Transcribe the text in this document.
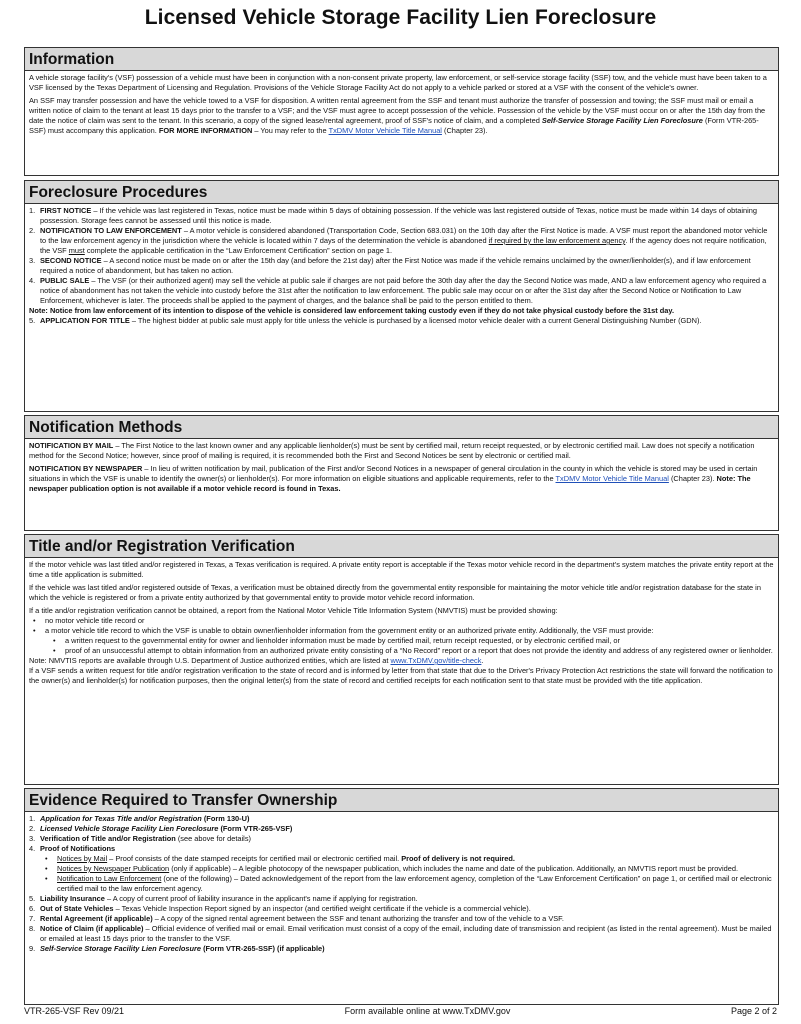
Licensed Vehicle Storage Facility Lien Foreclosure
Information

A vehicle storage facility's (VSF) possession of a vehicle must have been in conjunction with a non-consent private property, law enforcement, or self-service storage facility (SSF) tow, and the vehicle must have been taken to a VSF licensed by the Texas Department of Licensing and Regulation. Provisions of the Vehicle Storage Facility Act do not apply to a vehicle parked or stored at a VSF with the consent of the vehicle's owner.

An SSF may transfer possession and have the vehicle towed to a VSF for disposition. A written rental agreement from the SSF and tenant must authorize the transfer of possession and towing; the SSF must mail or email a written notice of claim to the tenant at least 15 days prior to the transfer to a VSF; and the VSF must agree to accept possession of the vehicle. Possession of the vehicle by the VSF must occur on or after the 15th day from the date the notice of claim was sent to the tenant. In this scenario, a copy of the signed lease/rental agreement, proof of SSF's notice of claim, and a completed Self-Service Storage Facility Lien Foreclosure (Form VTR-265-SSF) must accompany this application. FOR MORE INFORMATION – You may refer to the TxDMV Motor Vehicle Title Manual (Chapter 23).

Foreclosure Procedures
1. FIRST NOTICE – If the vehicle was last registered in Texas, notice must be made within 5 days of obtaining possession. If the vehicle was last registered outside of Texas, notice must be made within 14 days of obtaining possession. Storage fees cannot be assessed until this notice is made.
2. NOTIFICATION TO LAW ENFORCEMENT – A motor vehicle is considered abandoned (Transportation Code, Section 683.031) on the 10th day after the First Notice is made. A VSF must report the abandoned motor vehicle to the law enforcement agency in the jurisdiction where the vehicle is located within 7 days of the determination the vehicle is abandoned if required by the law enforcement agency. If the agency does not require notification, the VSF must complete the applicable certification in the “Law Enforcement Certification” section on page 1.
3. SECOND NOTICE – A second notice must be made on or after the 15th day (and before the 21st day) after the First Notice was made if the vehicle remains unclaimed by the owner/lienholder(s), and if law enforcement required a notice of abandonment, but has taken no action.
4. PUBLIC SALE – The VSF (or their authorized agent) may sell the vehicle at public sale if charges are not paid before the 30th day after the day the Second Notice was made, AND a law enforcement agency who required a notice of abandonment has not taken the vehicle into custody before the 31st after the notification to law enforcement. The public sale may occur on or after the 31st day after the Second Notice or Notification to Law Enforcement, whichever is later. The proceeds shall be applied to the payment of charges, and the balance shall be paid to the person entitled to them.
Note: Notice from law enforcement of its intention to dispose of the vehicle is considered law enforcement taking custody even if they do not take physical custody before the 31st day.
5. APPLICATION FOR TITLE – The highest bidder at public sale must apply for title unless the vehicle is purchased by a licensed motor vehicle dealer with a current General Distinguishing Number (GDN).
Notification Methods

NOTIFICATION BY MAIL – The First Notice to the last known owner and any applicable lienholder(s) must be sent by certified mail, return receipt requested, or by electronic certified mail. Law does not specify a notification method for the Second Notice; however, since proof of mailing is required, it is recommended both the First and Second Notices be sent by electronic or certified mail.

NOTIFICATION BY NEWSPAPER – In lieu of written notification by mail, publication of the First and/or Second Notices in a newspaper of general circulation in the county in which the vehicle is stored may be used in certain situations in which the VSF is unable to identify the owner(s) or lienholder(s). For more information on eligible situations and applicable requirements, refer to the TxDMV Motor Vehicle Title Manual (Chapter 23). Note: The newspaper publication option is not available if a motor vehicle record is found in Texas.

Title and/or Registration Verification

If the motor vehicle was last titled and/or registered in Texas, a Texas verification is required. A private entity report is acceptable if the Texas motor vehicle record in the department's system matches the private entity report at the time a title application is submitted.

If the vehicle was last titled and/or registered outside of Texas, a verification must be obtained directly from the governmental entity responsible for maintaining the motor vehicle title and/or registration database for the state in which the vehicle is registered or from a private entity authorized by that governmental entity to provide motor vehicle record information.

If a title and/or registration verification cannot be obtained, a report from the National Motor Vehicle Title Information System (NMVTIS) must be provided showing:
•	no motor vehicle title record or
•	a motor vehicle title record to which the VSF is unable to obtain owner/lienholder information from the government entity or an authorized private entity. Additionally, the VSF must provide:
•	a written request to the governmental entity for owner and lienholder information must be made by certified mail, return receipt requested, or by electronic certified mail, or
•	proof of an unsuccessful attempt to obtain information from an authorized private entity consisting of a “No Record” report or a report that does not provide the identity and address of any registered owner or lienholder.
Note: NMVTIS reports are available through U.S. Department of Justice authorized entities, which are listed at www.TxDMV.gov/title-check.
If a VSF sends a written request for title and/or registration verification to the state of record and is informed by letter from that state that due to the Driver's Privacy Protection Act restrictions the state will forward the notification to the owner(s) and lienholder(s) for notification purposes, then the original letter(s) from the state of record and certified receipts for each notification sent to that state must be provided with the title application.
Evidence Required to Transfer Ownership
1. Application for Texas Title and/or Registration (Form 130-U)
2. Licensed Vehicle Storage Facility Lien Foreclosure (Form VTR-265-VSF)
3. Verification of Title and/or Registration (see above for details)
4. Proof of Notifications
•	Notices by Mail – Proof consists of the date stamped receipts for certified mail or electronic certified mail. Proof of delivery is not required.
•	Notices by Newspaper Publication (only if applicable) – A legible photocopy of the newspaper publication, which includes the name and date of the publication. Additionally, an NMVTIS report must be provided.
•	Notification to Law Enforcement (one of the following) – Dated acknowledgement of the report from the law enforcement agency, completion of the “Law Enforcement Certification” on page 1, or certified mail or electronic certified mail to the law enforcement agency.
5. Liability Insurance – A copy of current proof of liability insurance in the applicant's name if applying for registration.
6. Out of State Vehicles – Texas Vehicle Inspection Report signed by an inspector (and certified weight certificate if the vehicle is a commercial vehicle).
7. Rental Agreement (if applicable) – A copy of the signed rental agreement between the SSF and tenant authorizing the transfer and tow of the vehicle to a VSF.
8. Notice of Claim (if applicable) – Official evidence of verified mail or email. Email verification must consist of a copy of the email, including date of transmission and recipient (as listed in the rental agreement). Must be mailed or emailed at least 15 days prior to the transfer to the VSF.
9. Self-Service Storage Facility Lien Foreclosure (Form VTR-265-SSF) (if applicable)
VTR-265-VSF Rev 09/21	Form available online at www.TxDMV.gov	Page 2 of 2
